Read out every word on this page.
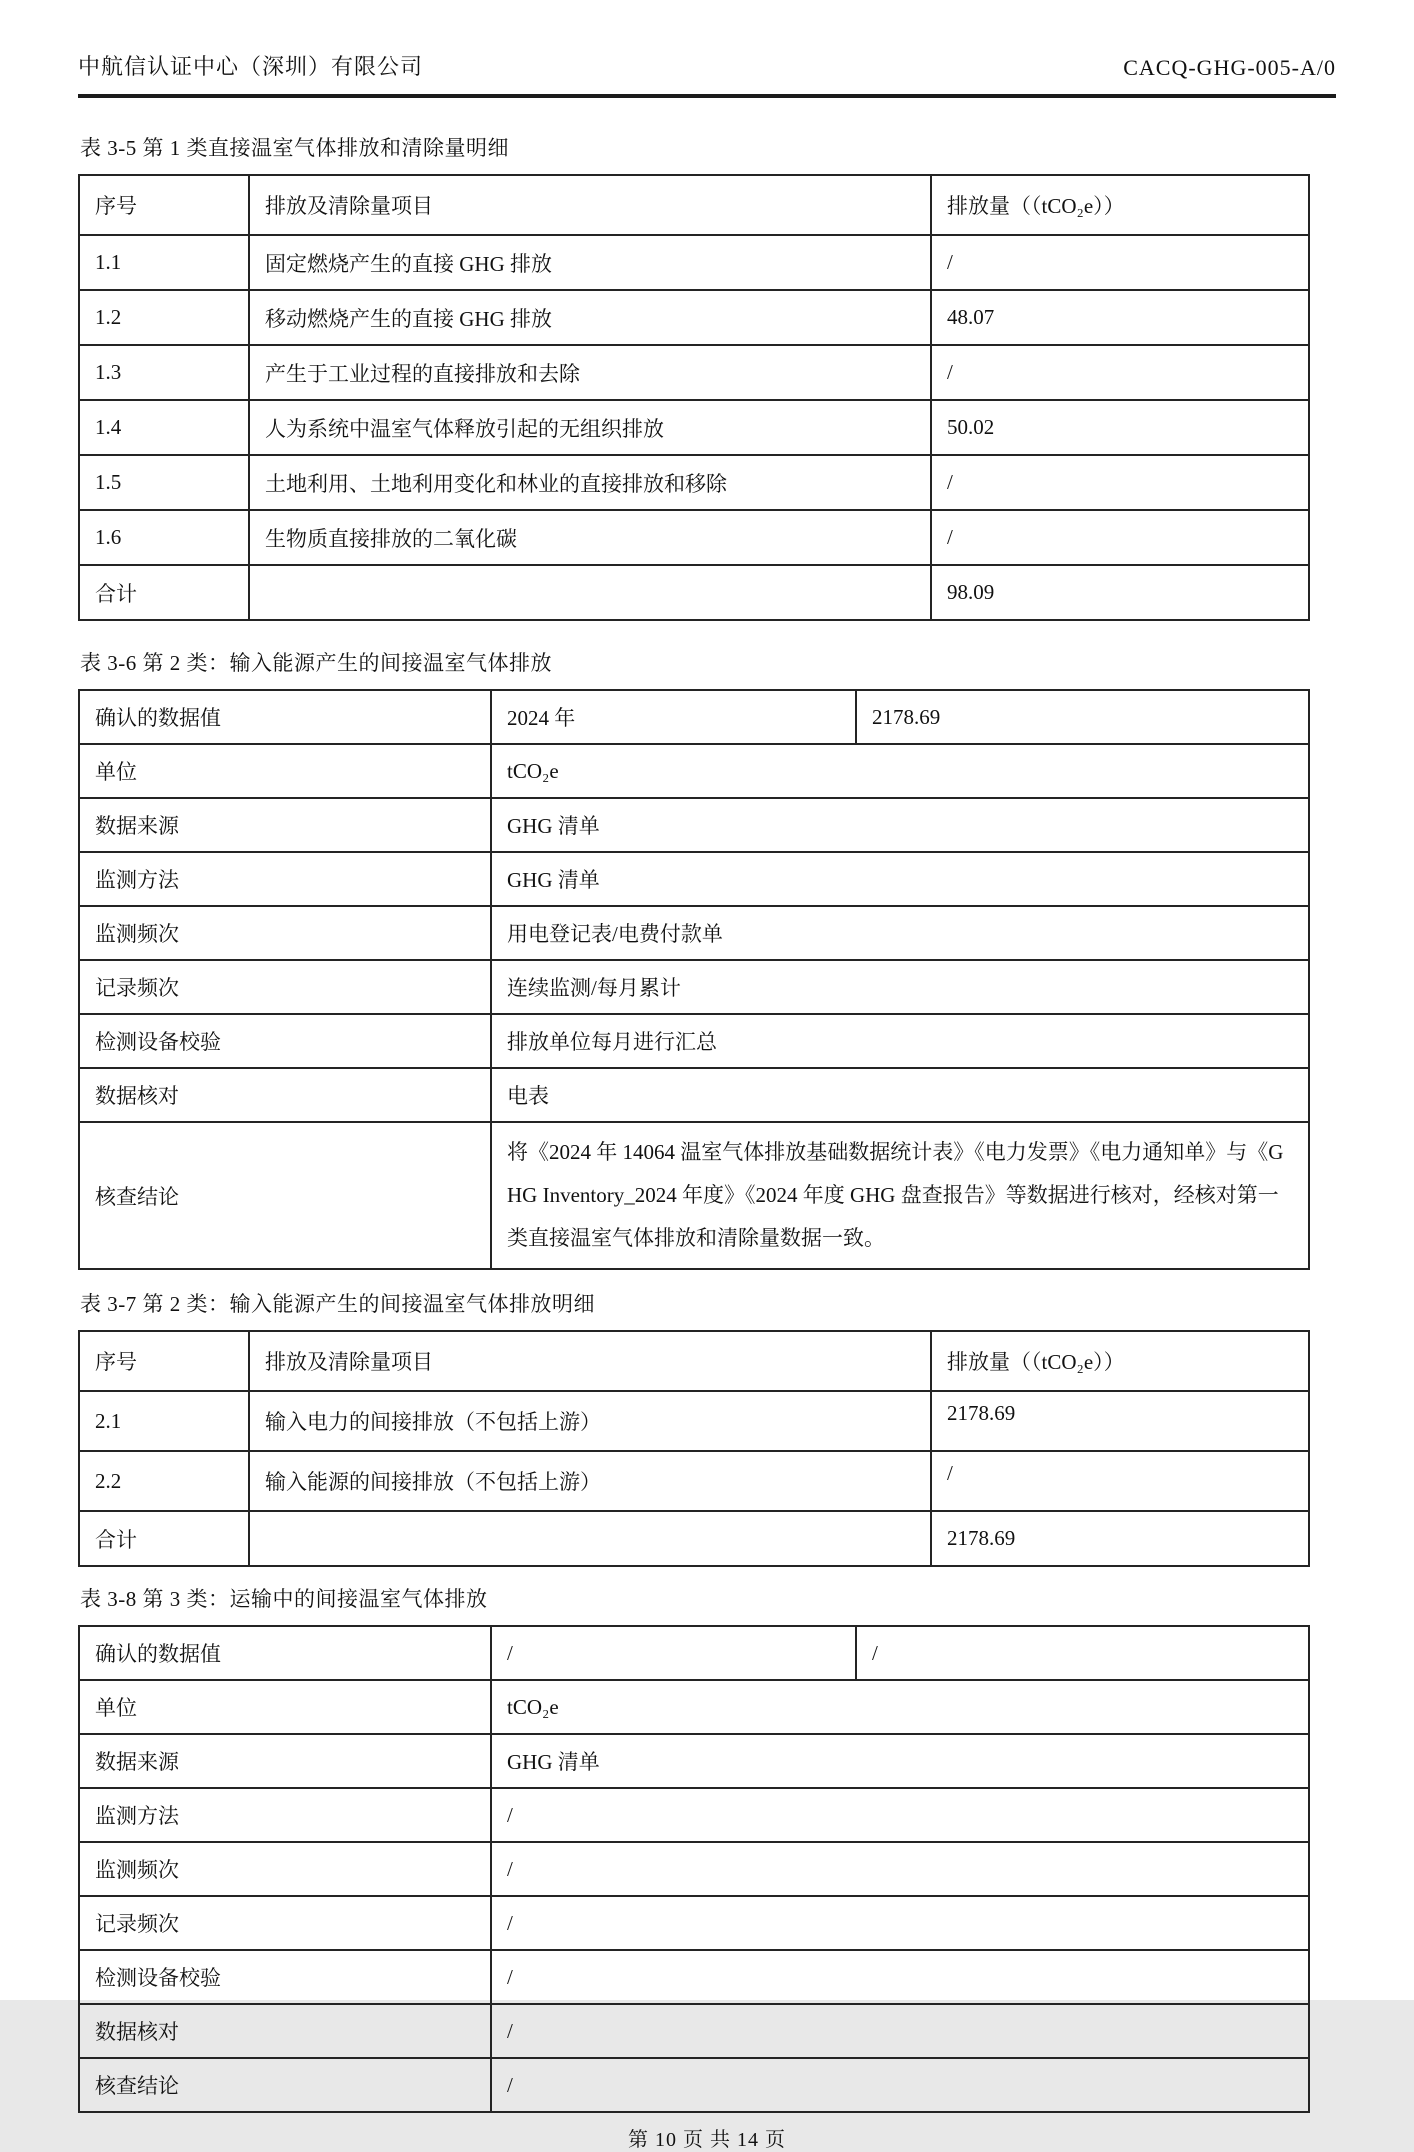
中航信认证中心（深圳）有限公司	CACQ-GHG-005-A/0
表 3-5 第 1 类直接温室气体排放和清除量明细
序号	排放及清除量项目	排放量（（tCO₂e））
1.1	固定燃烧产生的直接 GHG 排放	/
1.2	移动燃烧产生的直接 GHG 排放	48.07
1.3	产生于工业过程的直接排放和去除	/
1.4	人为系统中温室气体释放引起的无组织排放	50.02
1.5	土地利用、土地利用变化和林业的直接排放和移除	/
1.6	生物质直接排放的二氧化碳	/
合计		98.09
表 3-6 第 2 类：输入能源产生的间接温室气体排放
确认的数据值	2024 年	2178.69
单位	tCO₂e	
数据来源	GHG 清单	
监测方法	GHG 清单	
监测频次	用电登记表/电费付款单	
记录频次	连续监测/每月累计	
检测设备校验	排放单位每月进行汇总	
数据核对	电表	
核查结论	将《2024 年 14064 温室气体排放基础数据统计表》《电力发票》《电力通知单》与《GHG Inventory_2024 年度》《2024 年度 GHG 盘查报告》等数据进行核对，经核对第一类直接温室气体排放和清除量数据一致。	
表 3-7 第 2 类：输入能源产生的间接温室气体排放明细
序号	排放及清除量项目	排放量（（tCO₂e））
2.1	输入电力的间接排放（不包括上游）	2178.69
2.2	输入能源的间接排放（不包括上游）	/
合计		2178.69
表 3-8 第 3 类：运输中的间接温室气体排放
确认的数据值	/	/
单位	tCO₂e	
数据来源	GHG 清单	
监测方法	/	
监测频次	/	
记录频次	/	
检测设备校验	/	
数据核对	/	
核查结论	/	
第 10 页 共 14 页
